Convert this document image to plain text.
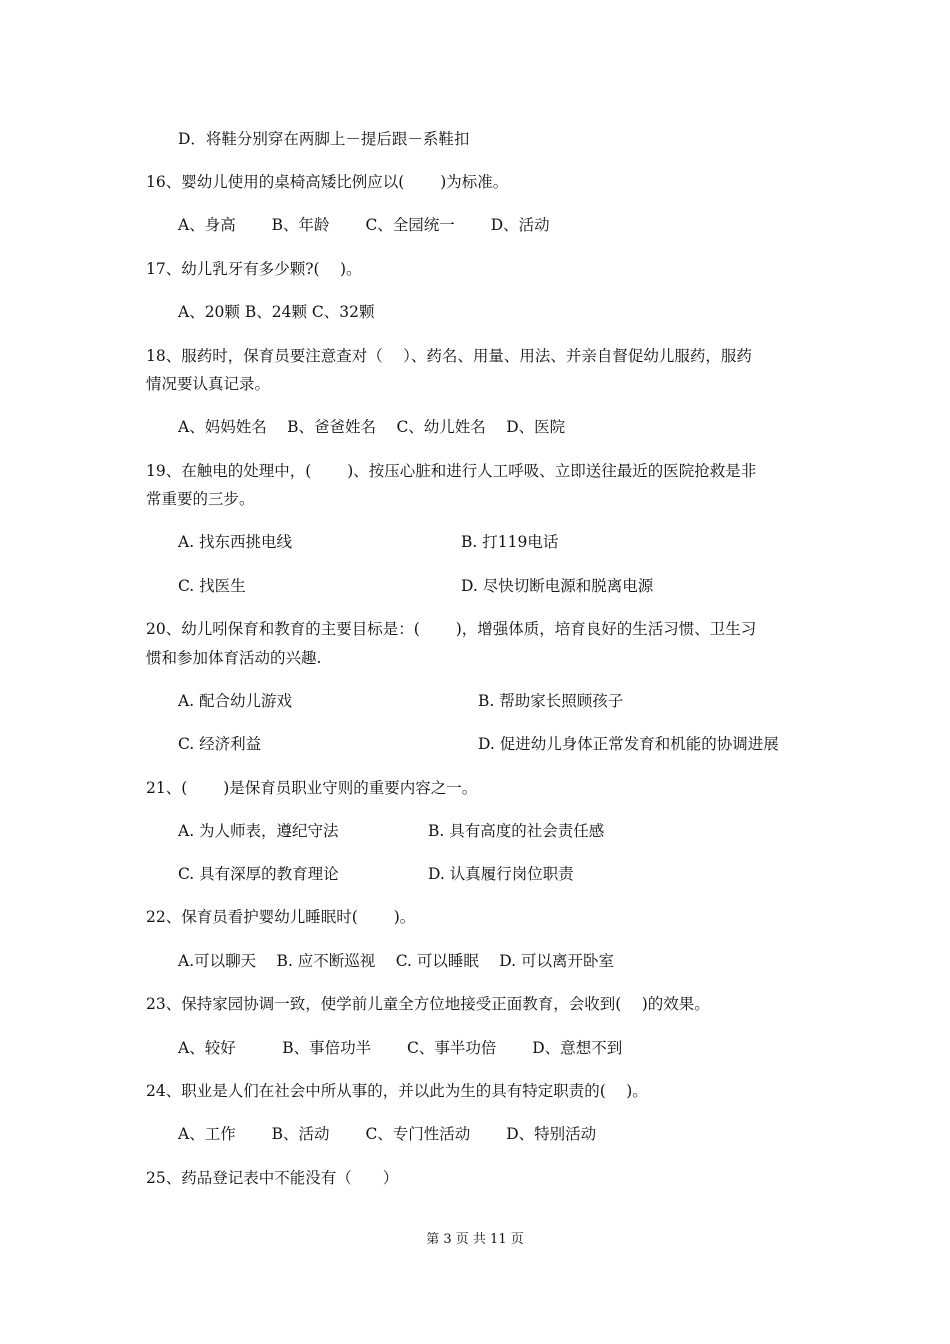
D．将鞋分别穿在两脚上－提后跟－系鞋扣
16、婴幼儿使用的桌椅高矮比例应以(　 　)为标准。
A、身高　　 B、年龄　　 C、全园统一　　 D、活动
17、幼儿乳牙有多少颗?(　 )。
A、20颗 B、24颗 C、32颗
18、服药时，保育员要注意查对（　 ）、药名、用量、用法、并亲自督促幼儿服药，服药
情况要认真记录。
A、妈妈姓名　 B、爸爸姓名　 C、幼儿姓名　 D、医院
19、在触电的处理中，(　　 )、按压心脏和进行人工呼吸、立即送往最近的医院抢救是非
常重要的三步。
A. 找东西挑电线	B. 打119电话
C. 找医生	D. 尽快切断电源和脱离电源
20、幼儿吲保育和教育的主要目标是：(　　 )，增强体质，培育良好的生活习惯、卫生习
惯和参加体育活动的兴趣.
A. 配合幼儿游戏	B. 帮助家长照顾孩子
C. 经济利益	D. 促进幼儿身体正常发育和机能的协调进展
21、(　　 )是保育员职业守则的重要内容之一。
A. 为人师表，遵纪守法	B. 具有高度的社会责任感
C. 具有深厚的教育理论	D. 认真履行岗位职责
22、保育员看护婴幼儿睡眠时(　 　)。
A.可以聊天　 B. 应不断巡视　 C. 可以睡眠　 D. 可以离开卧室
23、保持家园协调一致，使学前儿童全方位地接受正面教育，会收到(　 )的效果。
A、较好　　　B、事倍功半　　 C、事半功倍　　 D、意想不到
24、职业是人们在社会中所从事的，并以此为生的具有特定职责的(　 )。
A、工作　　 B、活动　　 C、专门性活动　　 D、特别活动
25、药品登记表中不能没有（　　）
第 3 页 共 11 页
